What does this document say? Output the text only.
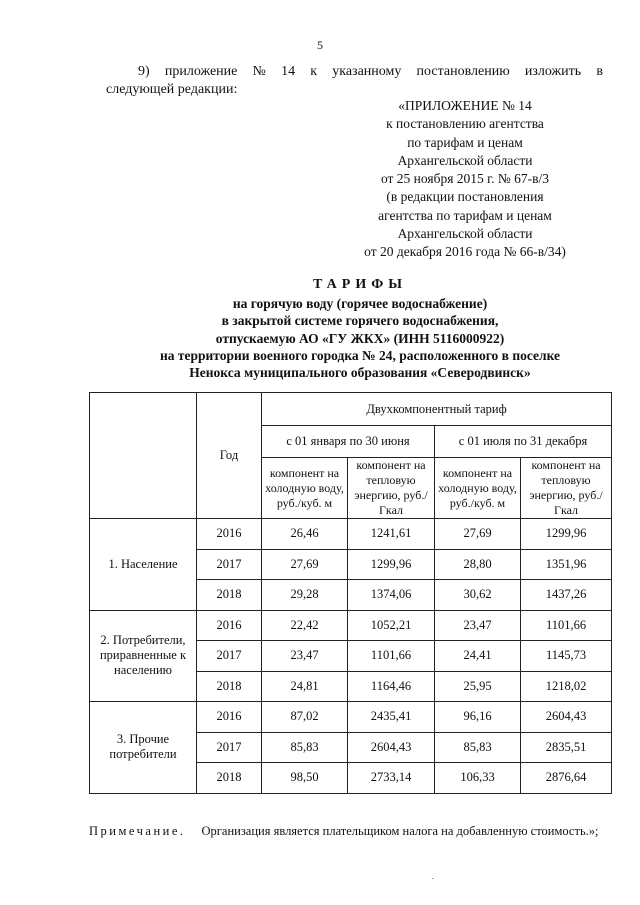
5
9) приложение № 14 к указанному постановлению изложить в
следующей редакции:
«ПРИЛОЖЕНИЕ № 14
к постановлению агентства
по тарифам и ценам
Архангельской области
от 25 ноября 2015 г. № 67-в/3
(в редакции постановления
агентства по тарифам и ценам
Архангельской области
от 20 декабря 2016 года № 66-в/34)
ТАРИФЫ
на горячую воду (горячее водоснабжение)
в закрытой системе горячего водоснабжения,
отпускаемую АО «ГУ ЖКХ» (ИНН 5116000922)
на территории военного городка № 24, расположенного в поселке
Ненокса муниципального образования «Северодвинск»
	Год	Двухкомпонентный тариф			
		с 01 января по 30 июня		с 01 июля по 31 декабря	
		компонент на холодную воду, руб./куб. м	компонент на тепловую энергию, руб./Гкал	компонент на холодную воду, руб./куб. м	компонент на тепловую энергию, руб./Гкал
1. Население	2016	26,46	1241,61	27,69	1299,96
	2017	27,69	1299,96	28,80	1351,96
	2018	29,28	1374,06	30,62	1437,26
2. Потребители, приравненные к населению	2016	22,42	1052,21	23,47	1101,66
	2017	23,47	1101,66	24,41	1145,73
	2018	24,81	1164,46	25,95	1218,02
3. Прочие потребители	2016	87,02	2435,41	96,16	2604,43
	2017	85,83	2604,43	85,83	2835,51
	2018	98,50	2733,14	106,33	2876,64
Примечание. Организация является плательщиком налога на добавленную стоимость.»;
.
